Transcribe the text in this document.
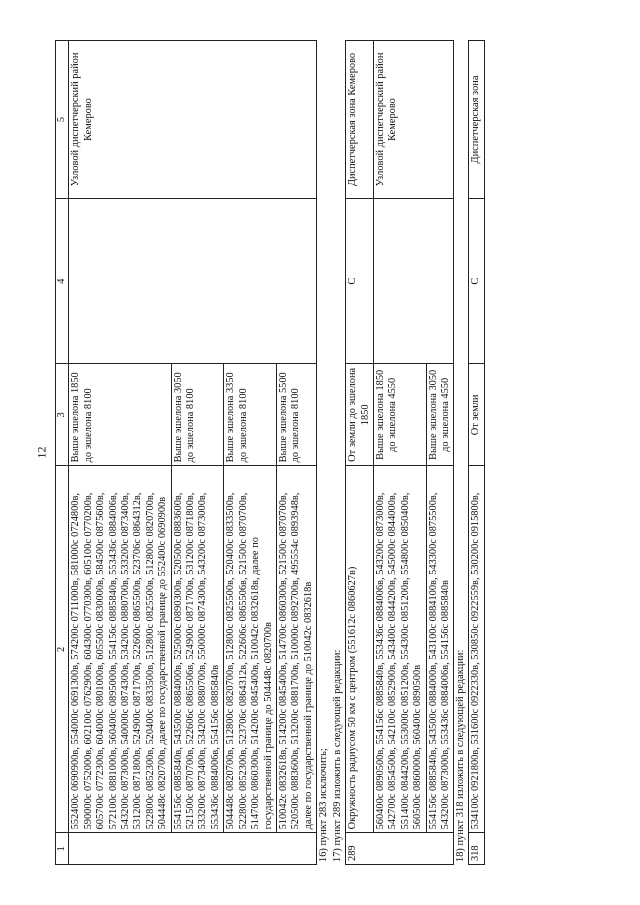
12
1	2	3	4	5
	552400с 0690900в, 554000с 0691300в, 574200с 0711000в, 581000с 0724800в, 590000с 0752000в, 602100с 0762900в, 604300с 0770300в, 605100с 0770200в, 605700с 0772300в, 604000с 0801000в, 605500с 0830000в, 584500с 0875600в, 572100с 0881000в, 560400с 0895000в, 554156с 0885840в, 553436с 0884006в, 543200с 0873000в, 540000с 0874300в, 534200с 0880700в, 533200с 0873400в, 531200с 0871800в, 524900с 0871700в, 522600с 0865500в, 523706с 0864312в, 522800с 0852300в, 520400с 0833500в, 512800с 0825500в, 512800с 0820700в, 504448с 0820700в, далее по государственной границе до 552400с 0690900в	Выше эшелона 1850 до эшелона 8100		Узловой диспетчерский район Кемерово
	554156с 0885840в, 543500с 0884000в, 525000с 0890300в, 520500с 0883600в, 521500с 0870700в, 522606с 0865506в, 524900с 0871700в, 531200с 0871800в, 533200с 0873400в, 534200с 0880700в, 550000с 0874300в, 543200с 0873000в, 553436с 0884006в, 554156с 0885840в	Выше эшелона 3050 до эшелона 8100		
	504448с 0820700в, 512800с 0820700в, 512800с 0825500в, 520400с 0833500в, 522800с 0852300в, 523706с 0864312в, 522606с 0865506в, 521500с 0870700в, 514700с 0860300в, 514200с 0845400в, 510042с 0832618в, далее по государственной границе до 504448с 0820700в	Выше эшелона 3350 до эшелона 8100		
	510042с 0832618в, 514200с 0845400в, 514700с 0860300в, 521500с 0870700в, 520500с 0883600в, 513200с 0881700в, 510000с 0892700в, 495554с 0893948в, далее по государственной границе до 510042с 0832618в	Выше эшелона 5500 до эшелона 8100		
16) пункт 283 исключить; 17) пункт 289 изложить в следующей редакции: 289	Окружность радиусом 50 км с центром (551612с 0860627в)	От земли до эшелона 1850	С	Диспетчерская зона Кемерово
	560400с 0890500в, 554156с 0885840в, 553436с 0884006в, 543200с 0873000в, 542700с 0854500в, 542100с 0852900в, 543400с 0844200в, 545000с 0844000в, 551400с 0844200в, 553000с 0851200в, 554300с 0851200в, 554800с 0850400в, 560500с 0860000в, 560400с 0890500в	Выше эшелона 1850 до эшелона 4550		Узловой диспетчерский район Кемерово
	554156с 0885840в, 543500с 0884000в, 543100с 0884100в, 543300с 0875500в, 543200с 0873000в, 553436с 0884006в, 554156с 0885840в	Выше эшелона 3050 до эшелона 4550		
18) пункт 318 изложить в следующей редакции: 318	534100с 0921800в, 531600с 0922330в, 530850с 0922559в, 530200с 0915800в,	От земли	С	Диспетчерская зона
